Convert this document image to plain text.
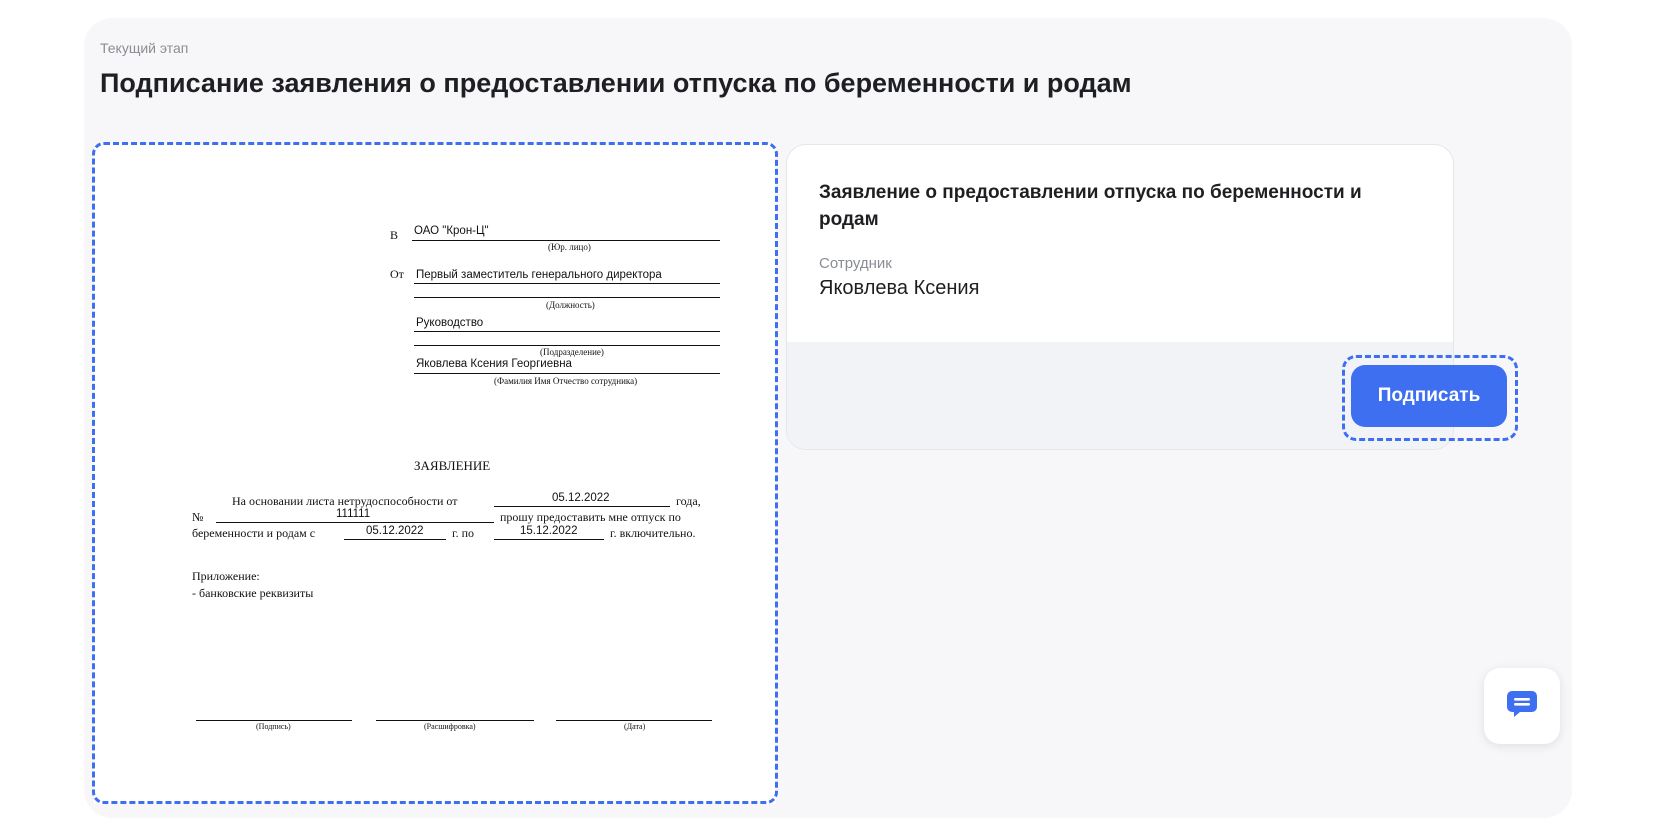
Текущий этап
Подписание заявления о предоставлении отпуска по беременности и родам
В ОАО "Крон-Ц"
(Юр. лицо)
От Первый заместитель генерального директора
(Должность)
Руководство
(Подразделение)
Яковлева Ксения Георгиевна
(Фамилия Имя Отчество сотрудника)
ЗАЯВЛЕНИЕ
На основании листа нетрудоспособности от	05.12.2022	года,
№	111111	прошу предоставить мне отпуск по
беременности и родам с	05.12.2022 г. по	15.12.2022	г. включительно.
Приложение:
- банковские реквизиты
(Подпись)	(Расшифровка)	(Дата)
Заявление о предоставлении отпуска по беременности и родам
Сотрудник
Яковлева Ксения
Подписать
